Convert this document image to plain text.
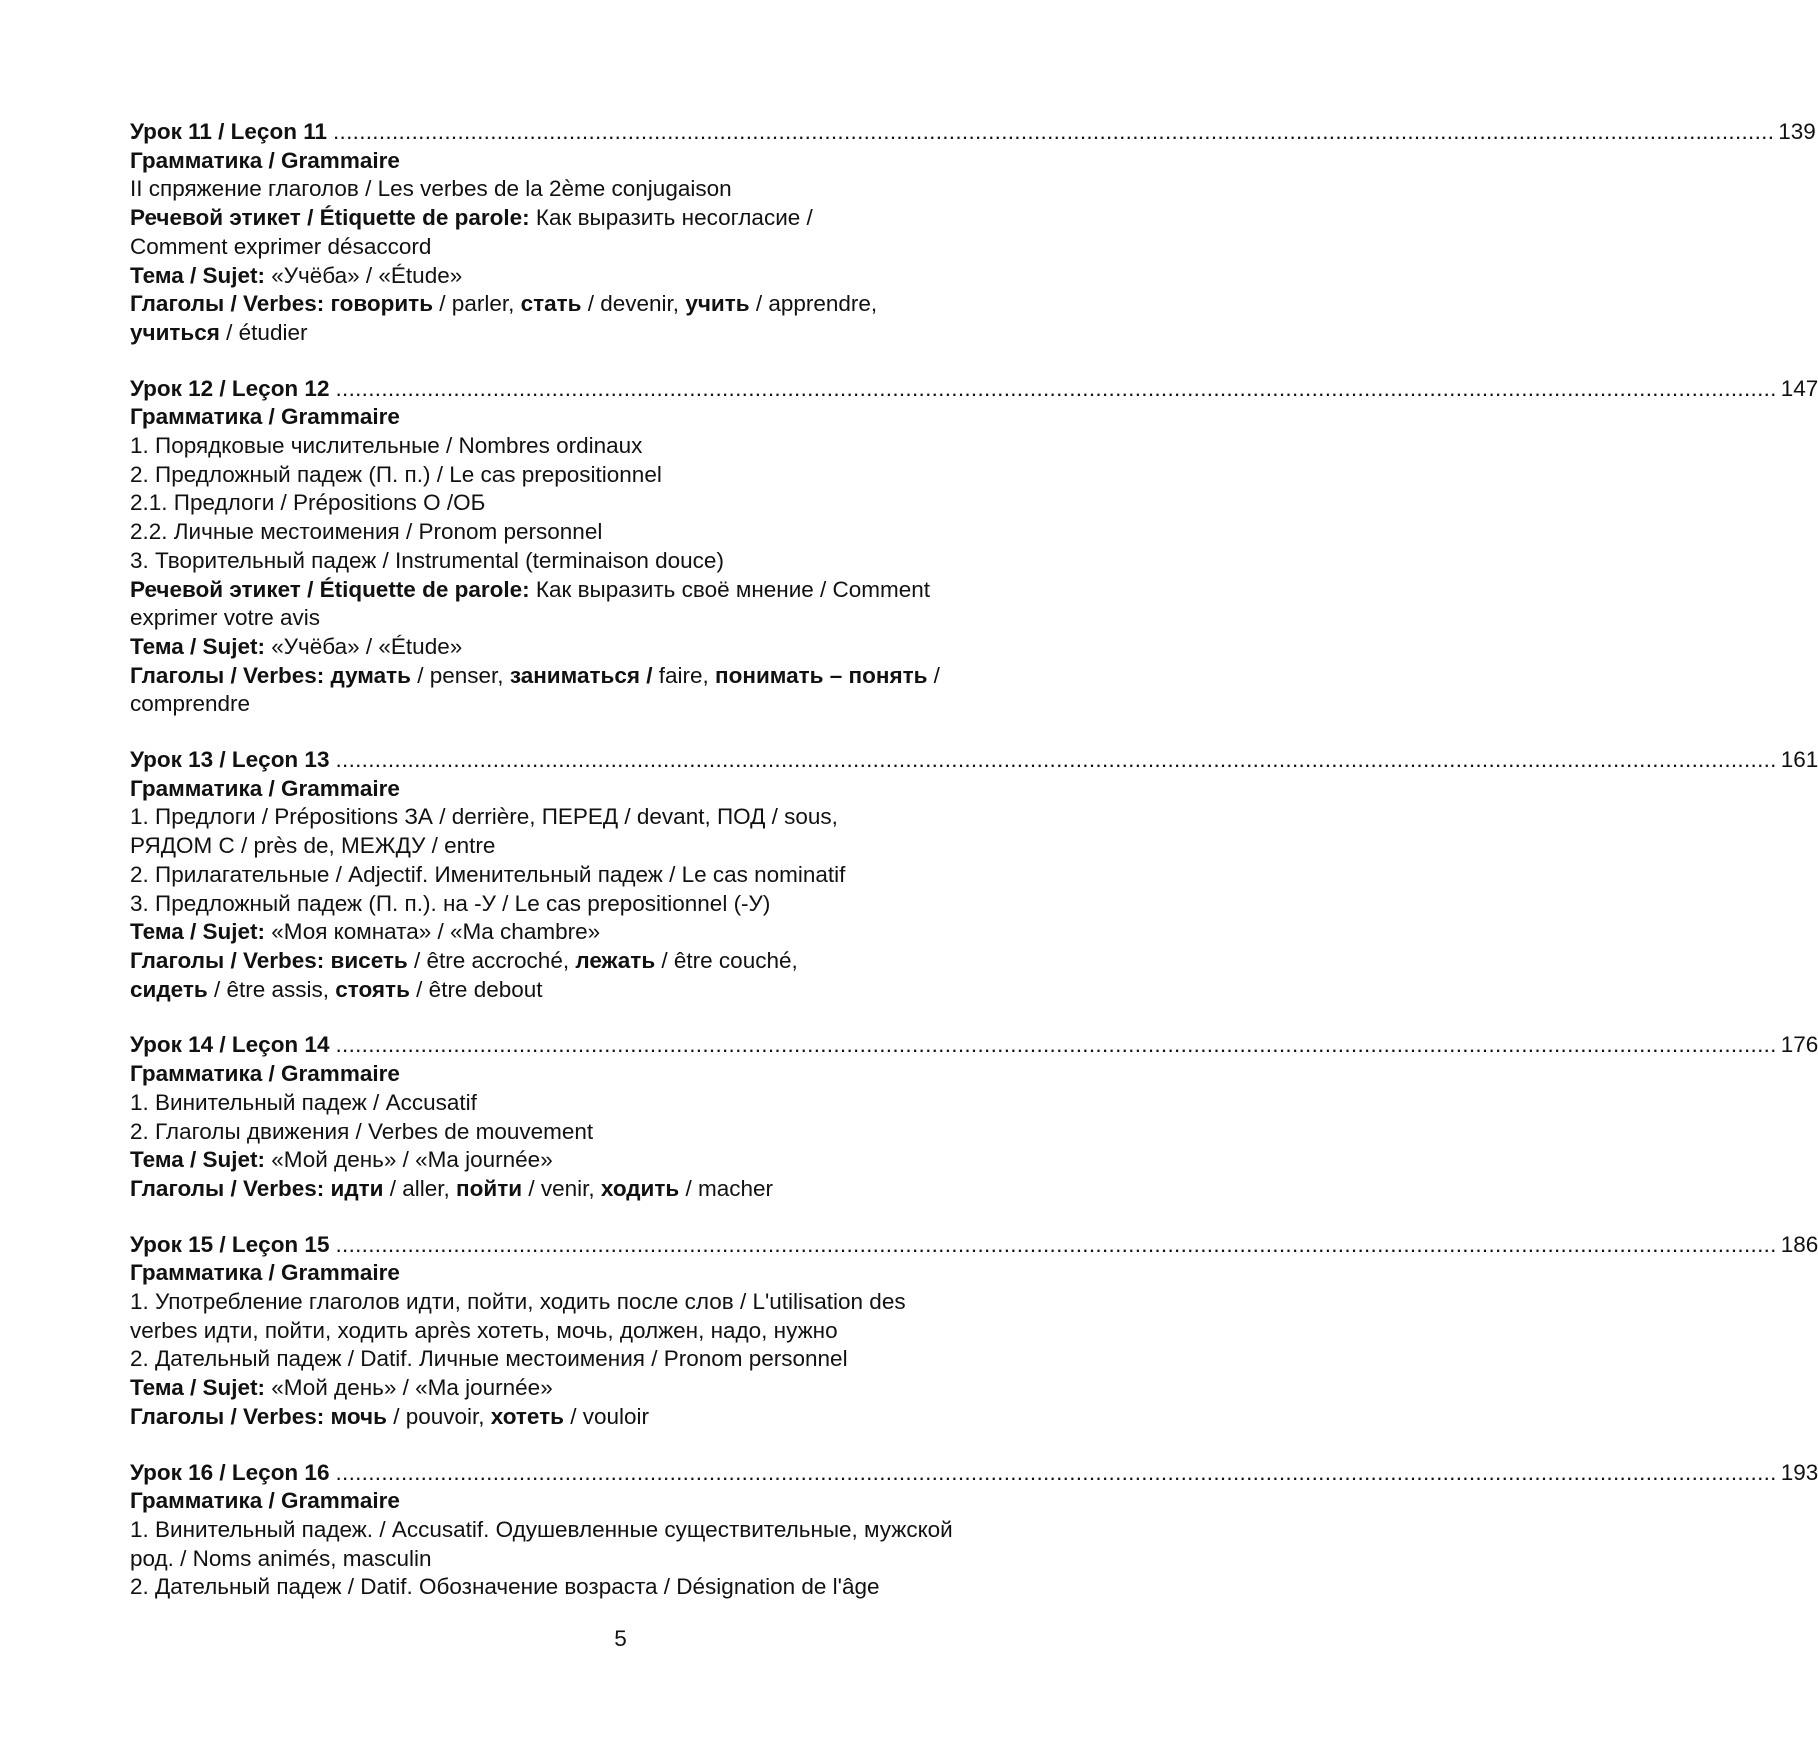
Урок 11 / Leçon 11 ............................................................................................................................................................................................................................ 139
Грамматика / Grammaire
II спряжение глаголов / Les verbes de la 2ème conjugaison
Речевой этикет / Étiquette de parole: Как выразить несогласие /
Comment exprimer désaccord
Тема / Sujet: «Учёба» / «Étude»
Глаголы / Verbes: говорить / parler, стать / devenir, учить / apprendre,
учиться / étudier
Урок 12 / Leçon 12 ............................................................................................................................................................................................................................ 147
Грамматика / Grammaire
1. Порядковые числительные / Nombres ordinaux
2. Предложный падеж (П. п.) / Le cas prepositionnel
2.1. Предлоги / Prépositions О /ОБ
2.2. Личные местоимения / Pronom personnel
3. Творительный падеж / Instrumental (terminaison douce)
Речевой этикет / Étiquette de parole: Как выразить своё мнение / Comment
exprimer votre avis
Тема / Sujet: «Учёба» / «Étude»
Глаголы / Verbes: думать / penser, заниматься / faire, понимать – понять /
comprendre
Урок 13 / Leçon 13 ............................................................................................................................................................................................................................ 161
Грамматика / Grammaire
1. Предлоги / Prépositions ЗА / derrière, ПЕРЕД / devant, ПОД / sous,
РЯДОМ С / près de, МЕЖДУ / entre
2. Прилагательные / Adjectif. Именительный падеж / Le cas nominatif
3. Предложный падеж (П. п.). на -У / Le cas prepositionnel (-У)
Тема / Sujet: «Моя комната» / «Ma chambre»
Глаголы / Verbes: висеть / être accroché, лежать / être couché,
сидеть / être assis, стоять / être debout
Урок 14 / Leçon 14 ............................................................................................................................................................................................................................ 176
Грамматика / Grammaire
1. Винительный падеж / Accusatif
2. Глаголы движения / Verbes de mouvement
Тема / Sujet: «Мой день» / «Ma journée»
Глаголы / Verbes: идти / aller, пойти / venir, ходить / macher
Урок 15 / Leçon 15 ............................................................................................................................................................................................................................ 186
Грамматика / Grammaire
1. Употребление глаголов идти, пойти, ходить после слов / L'utilisation des
verbes идти, пойти, ходить après хотеть, мочь, должен, надо, нужно
2. Дательный падеж / Datif. Личные местоимения / Pronom personnel
Тема / Sujet: «Мой день» / «Ma journée»
Глаголы / Verbes: мочь / pouvoir, хотеть / vouloir
Урок 16 / Leçon 16 ............................................................................................................................................................................................................................ 193
Грамматика / Grammaire
1. Винительный падеж. / Accusatif. Одушевленные существительные, мужской
род. / Noms animés, masculin
2. Дательный падеж / Datif. Обозначение возраста / Désignation de l'âge
5
